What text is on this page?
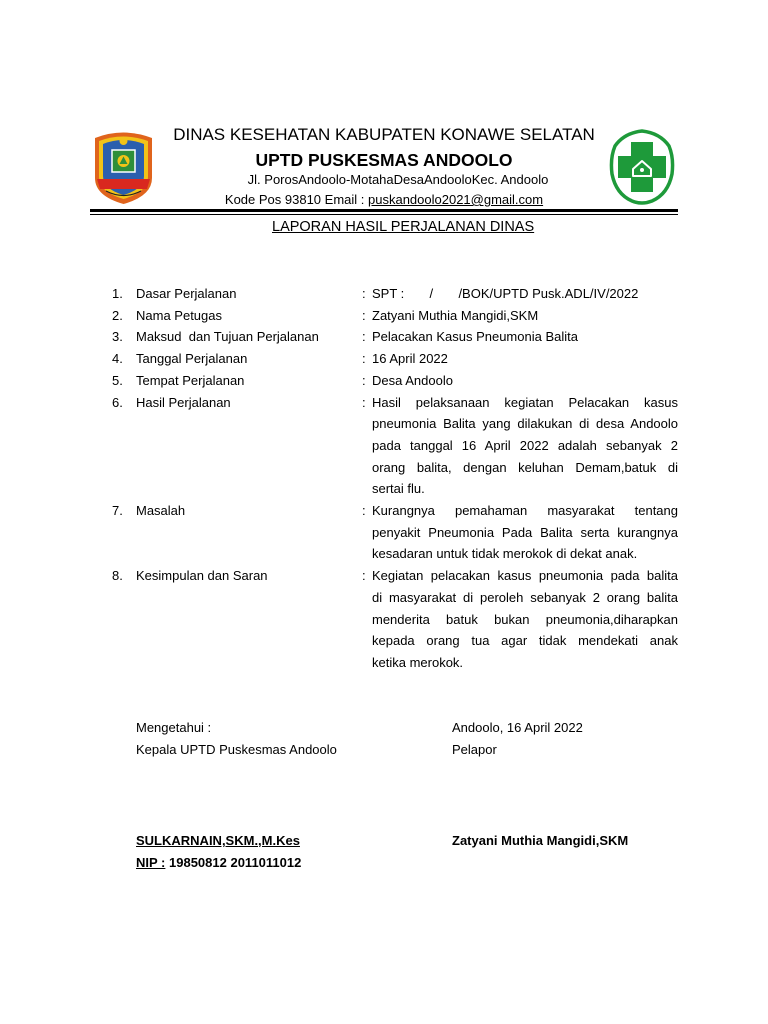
DINAS KESEHATAN KABUPATEN KONAWE SELATAN
UPTD PUSKESMAS ANDOOLO
Jl. PorosAndoolo-MotahaDesaAndooloKec. Andoolo
Kode Pos 93810 Email : puskandoolo2021@gmail.com
LAPORAN HASIL PERJALANAN DINAS
1.	Dasar Perjalanan	: SPT :       /       /BOK/UPTD Pusk.ADL/IV/2022
2.	Nama Petugas	: Zatyani Muthia Mangidi,SKM
3.	Maksud  dan Tujuan Perjalanan	: Pelacakan Kasus Pneumonia Balita
4.	Tanggal Perjalanan	: 16 April 2022
5.	Tempat Perjalanan	: Desa Andoolo
6.	Hasil Perjalanan	: Hasil pelaksanaan kegiatan Pelacakan kasus
pneumonia Balita yang dilakukan di desa Andoolo
pada tanggal 16 April 2022 adalah sebanyak 2
orang balita, dengan keluhan Demam,batuk di
sertai flu.
7.	Masalah	: Kurangnya pemahaman masyarakat tentang
penyakit Pneumonia Pada Balita serta kurangnya
kesadaran untuk tidak merokok di dekat anak.
8.	Kesimpulan dan Saran	: Kegiatan pelacakan kasus pneumonia pada balita
di masyarakat di peroleh sebanyak 2 orang balita
menderita batuk bukan pneumonia,diharapkan
kepada orang tua agar tidak mendekati anak
ketika merokok.
Mengetahui :
Kepala UPTD Puskesmas Andoolo
Andoolo, 16 April 2022
Pelapor
SULKARNAIN,SKM.,M.Kes
NIP : 19850812 2011011012
Zatyani Muthia Mangidi,SKM
